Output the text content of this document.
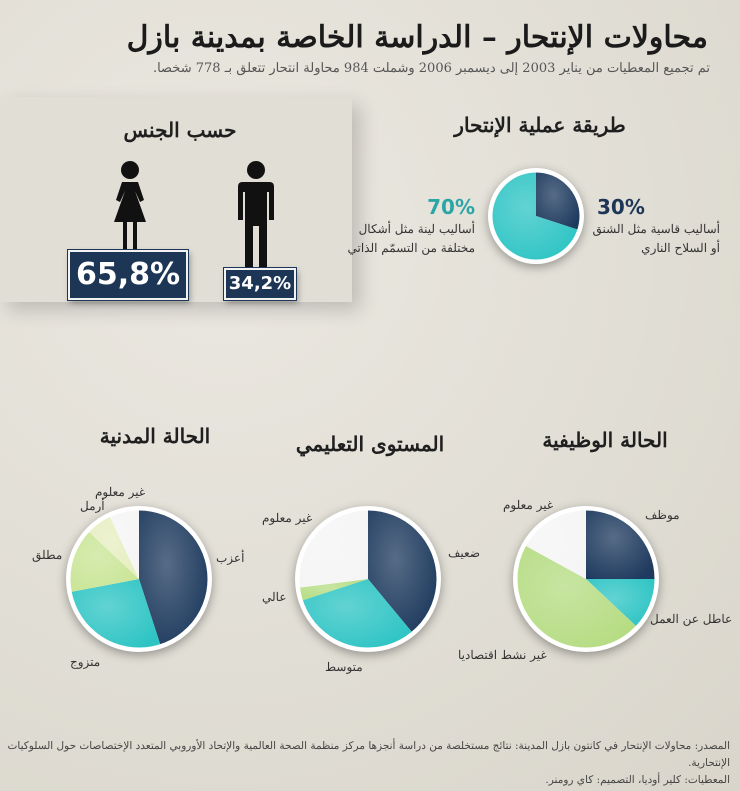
محاولات الإنتحار – الدراسة الخاصة بمدينة بازل
تم تجميع المعطيات من يناير 2003 إلى ديسمبر 2006 وشملت 984 محاولة انتحار تتعلق بـ 778 شخصا.
حسب الجنس
65,8%	34,2%
طريقة عملية الإنتحار
70%
أساليب لينة مثل أشكال
مختلفة من التسمّم الذاتي
30%
أساليب قاسية مثل الشنق
أو السلاح الناري
الحالة الوظيفية
موظف
عاطل عن العمل
غير نشط اقتصاديا
غير معلوم
المستوى التعليمي
ضعيف
متوسط
عالي
غير معلوم
الحالة المدنية
أعزب
متزوج
مطلق
أرمل
غير معلوم
المصدر: محاولات الإنتحار في كانتون بازل المدينة: نتائج مستخلصة من دراسة أنجزها مركز منظمة الصحة العالمية والإتحاد الأوروبي المتعدد الإختصاصات حول السلوكيات الإنتحارية.
المعطيات: كلير أوديا، التصميم: كاي رومنر.
